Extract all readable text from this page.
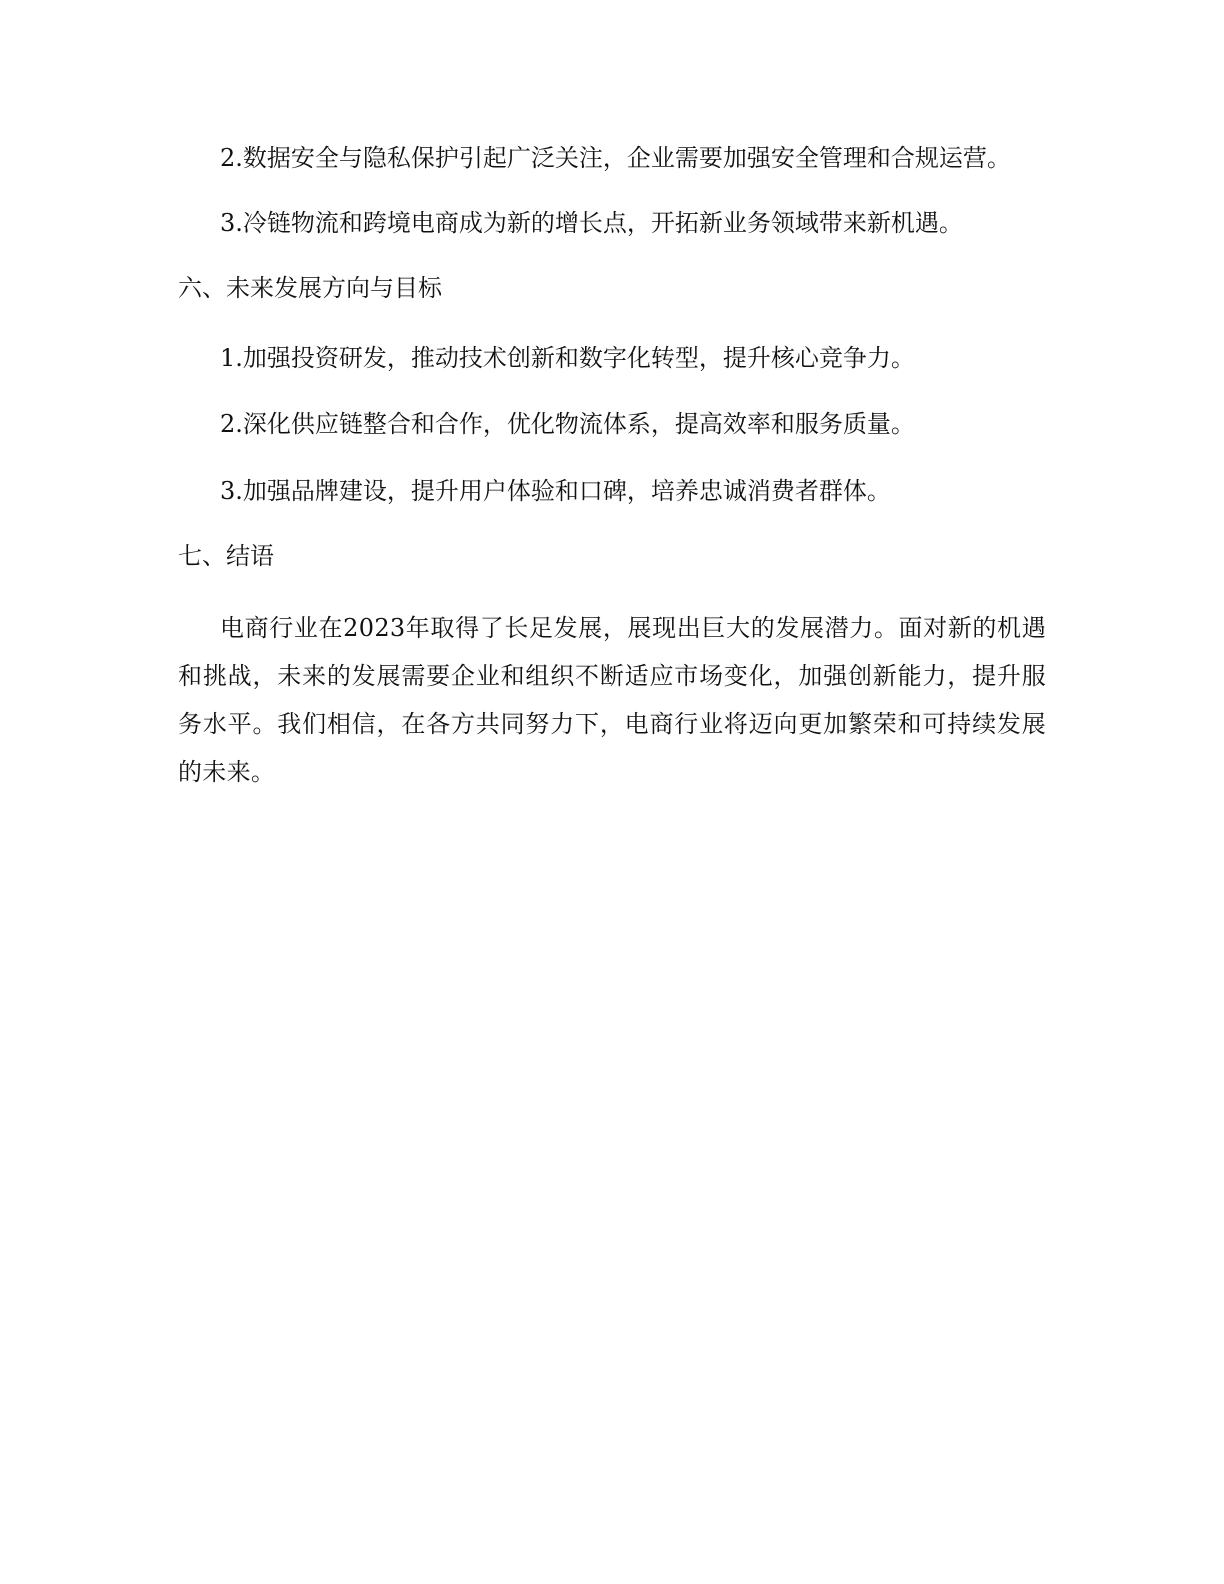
2.数据安全与隐私保护引起广泛关注，企业需要加强安全管理和合规运营。
3.冷链物流和跨境电商成为新的增长点，开拓新业务领域带来新机遇。
六、未来发展方向与目标
1.加强投资研发，推动技术创新和数字化转型，提升核心竞争力。
2.深化供应链整合和合作，优化物流体系，提高效率和服务质量。
3.加强品牌建设，提升用户体验和口碑，培养忠诚消费者群体。
七、结语
电商行业在2023年取得了长足发展，展现出巨大的发展潜力。面对新的机遇和挑战，未来的发展需要企业和组织不断适应市场变化，加强创新能力，提升服务水平。我们相信，在各方共同努力下，电商行业将迈向更加繁荣和可持续发展的未来。
